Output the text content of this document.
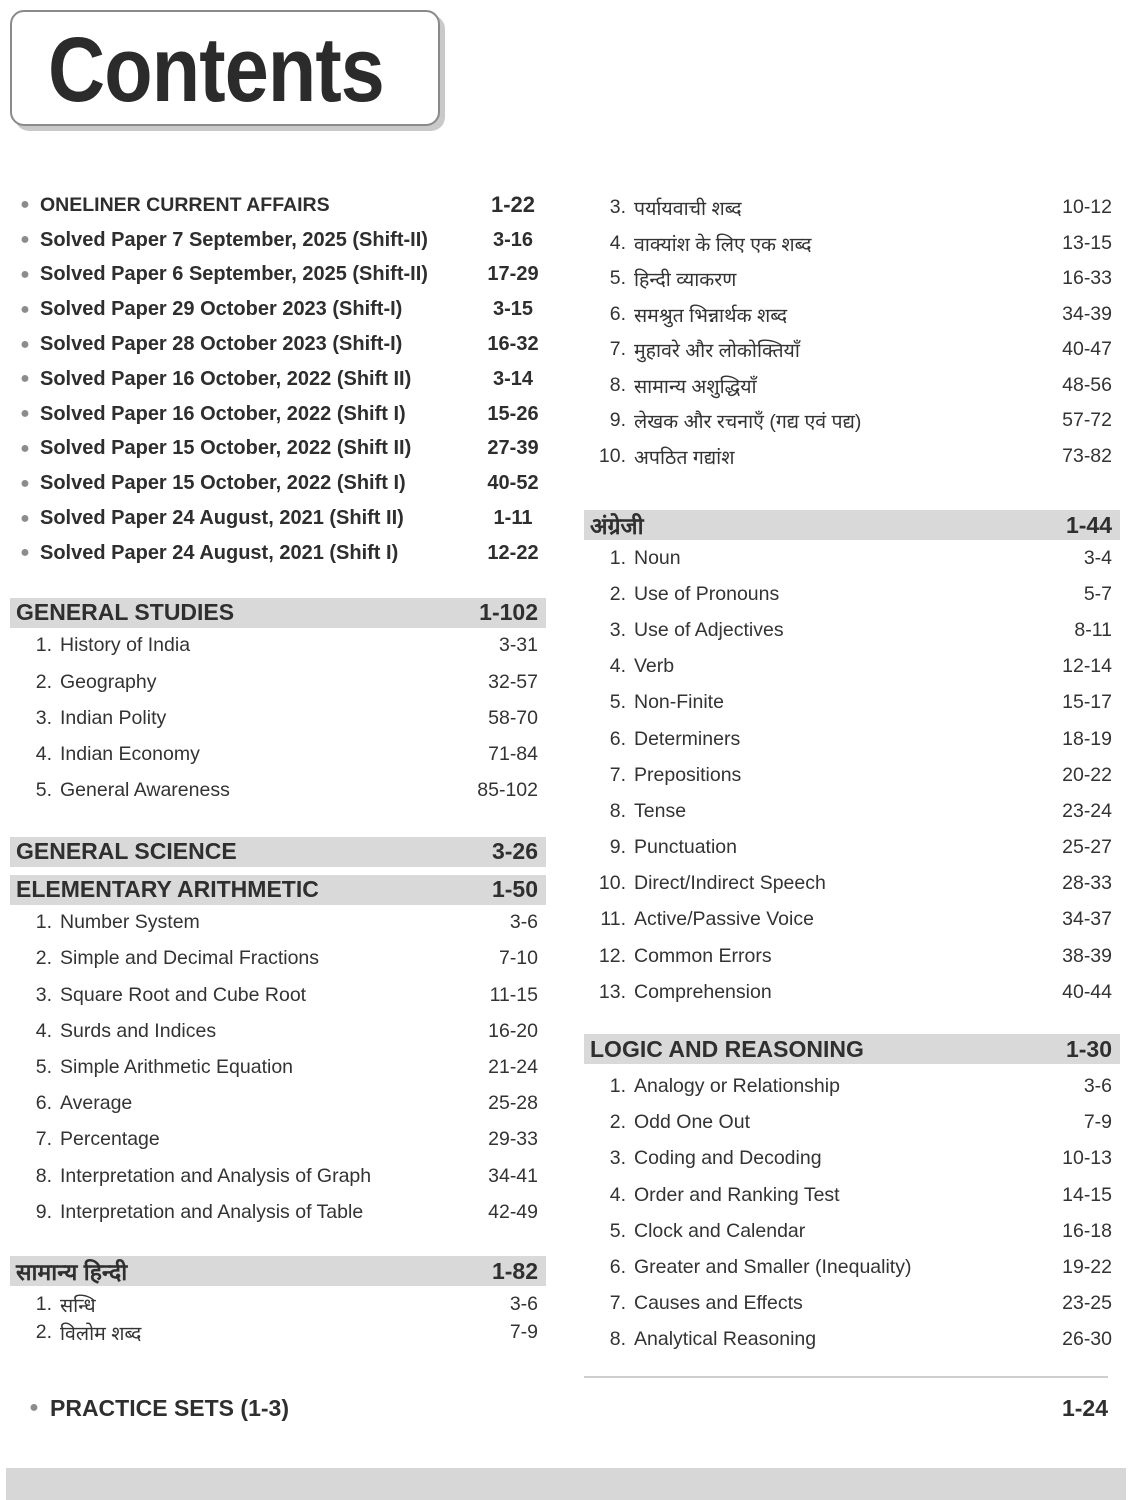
Contents
● ONELINER CURRENT AFFAIRS	1-22
● Solved Paper 7 September, 2025 (Shift-II)	3-16
● Solved Paper 6 September, 2025 (Shift-II)	17-29
● Solved Paper 29 October 2023 (Shift-I)	3-15
● Solved Paper 28 October 2023 (Shift-I)	16-32
● Solved Paper 16 October, 2022 (Shift II)	3-14
● Solved Paper 16 October, 2022 (Shift I)	15-26
● Solved Paper 15 October, 2022 (Shift II)	27-39
● Solved Paper 15 October, 2022 (Shift I)	40-52
● Solved Paper 24 August, 2021 (Shift II)	1-11
● Solved Paper 24 August, 2021 (Shift I)	12-22
GENERAL STUDIES	1-102
1. History of India	3-31
2. Geography	32-57
3. Indian Polity	58-70
4. Indian Economy	71-84
5. General Awareness	85-102
GENERAL SCIENCE	3-26
ELEMENTARY ARITHMETIC	1-50
1. Number System	3-6
2. Simple and Decimal Fractions	7-10
3. Square Root and Cube Root	11-15
4. Surds and Indices	16-20
5. Simple Arithmetic Equation	21-24
6. Average	25-28
7. Percentage	29-33
8. Interpretation and Analysis of Graph	34-41
9. Interpretation and Analysis of Table	42-49
सामान्य हिन्दी	1-82
1. सन्धि	3-6
2. विलोम शब्द	7-9
3. पर्यायवाची शब्द	10-12
4. वाक्यांश के लिए एक शब्द	13-15
5. हिन्दी व्याकरण	16-33
6. समश्रुत भिन्नार्थक शब्द	34-39
7. मुहावरे और लोकोक्तियाँ	40-47
8. सामान्य अशुद्धियाँ	48-56
9. लेखक और रचनाएँ (गद्य एवं पद्य)	57-72
10. अपठित गद्यांश	73-82
अंग्रेजी	1-44
1. Noun	3-4
2. Use of Pronouns	5-7
3. Use of Adjectives	8-11
4. Verb	12-14
5. Non-Finite	15-17
6. Determiners	18-19
7. Prepositions	20-22
8. Tense	23-24
9. Punctuation	25-27
10. Direct/Indirect Speech	28-33
11. Active/Passive Voice	34-37
12. Common Errors	38-39
13. Comprehension	40-44
LOGIC AND REASONING	1-30
1. Analogy or Relationship	3-6
2. Odd One Out	7-9
3. Coding and Decoding	10-13
4. Order and Ranking Test	14-15
5. Clock and Calendar	16-18
6. Greater and Smaller (Inequality)	19-22
7. Causes and Effects	23-25
8. Analytical Reasoning	26-30
● PRACTICE SETS (1-3)	1-24
